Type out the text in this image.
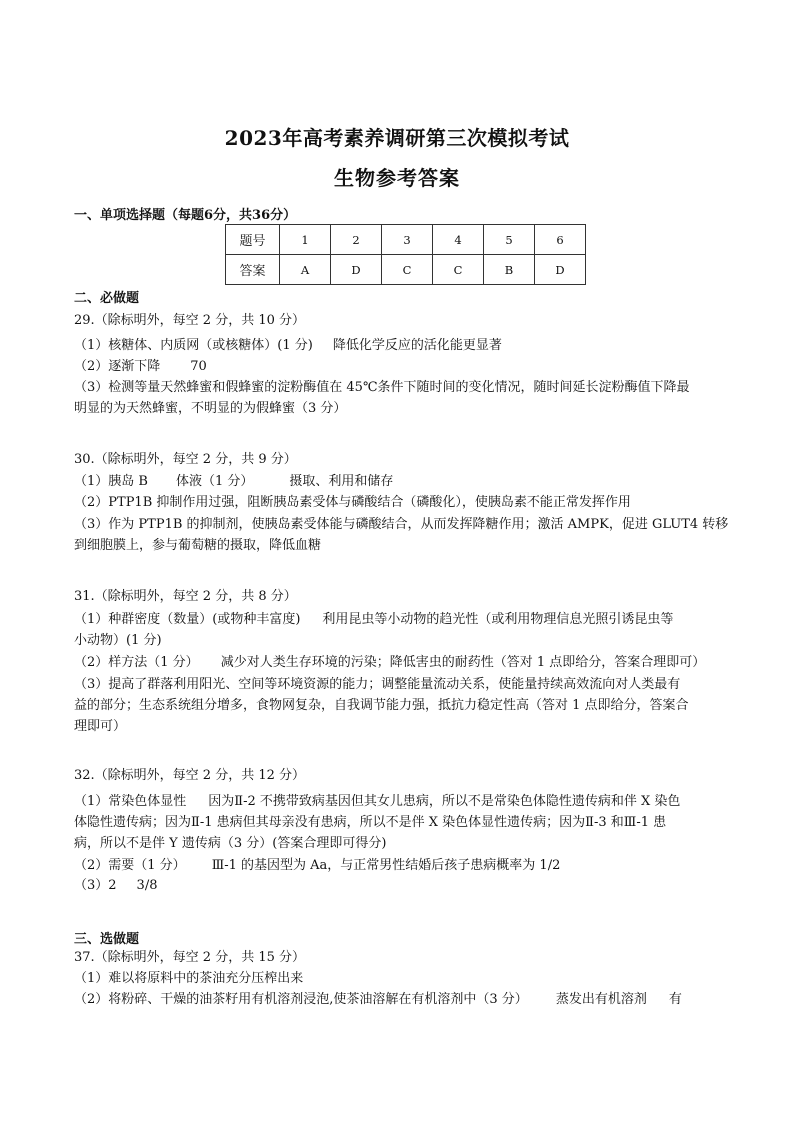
2023年高考素养调研第三次模拟考试
生物参考答案
一、单项选择题（每题6分，共36分）
题号	1	2	3	4	5	6
答案	A	D	C	C	B	D
二、必做题
29.（除标明外，每空 2 分，共 10 分）
（1）核糖体、内质网（或核糖体）(1 分) 降低化学反应的活化能更显著
（2）逐渐下降 70
（3）检测等量天然蜂蜜和假蜂蜜的淀粉酶值在 45℃条件下随时间的变化情况，随时间延长淀粉酶值下降最
明显的为天然蜂蜜，不明显的为假蜂蜜（3 分）
30.（除标明外，每空 2 分，共 9 分）
（1）胰岛 B 体液（1 分）	摄取、利用和储存
（2）PTP1B 抑制作用过强，阻断胰岛素受体与磷酸结合（磷酸化），使胰岛素不能正常发挥作用
（3）作为 PTP1B 的抑制剂，使胰岛素受体能与磷酸结合，从而发挥降糖作用；激活 AMPK，促进 GLUT4 转移
到细胞膜上，参与葡萄糖的摄取，降低血糖
31.（除标明外，每空 2 分，共 8 分）
（1）种群密度（数量）(或物种丰富度) 利用昆虫等小动物的趋光性（或利用物理信息光照引诱昆虫等
小动物）(1 分)
（2）样方法（1 分） 减少对人类生存环境的污染；降低害虫的耐药性（答对 1 点即给分，答案合理即可）
（3）提高了群落利用阳光、空间等环境资源的能力；调整能量流动关系，使能量持续高效流向对人类最有
益的部分；生态系统组分增多，食物网复杂，自我调节能力强，抵抗力稳定性高（答对 1 点即给分，答案合
理即可）
32.（除标明外，每空 2 分，共 12 分）
（1）常染色体显性 因为Ⅱ-2 不携带致病基因但其女儿患病，所以不是常染色体隐性遗传病和伴 X 染色
体隐性遗传病；因为Ⅱ-1 患病但其母亲没有患病，所以不是伴 X 染色体显性遗传病；因为Ⅱ-3 和Ⅲ-1 患
病，所以不是伴 Y 遗传病（3 分）(答案合理即可得分)
（2）需要（1 分） Ⅲ-1 的基因型为 Aa，与正常男性结婚后孩子患病概率为 1/2
（3）2 3/8
三、选做题
37.（除标明外，每空 2 分，共 15 分）
（1）难以将原料中的茶油充分压榨出来
（2）将粉碎、干燥的油茶籽用有机溶剂浸泡,使茶油溶解在有机溶剂中（3 分） 蒸发出有机溶剂 有
